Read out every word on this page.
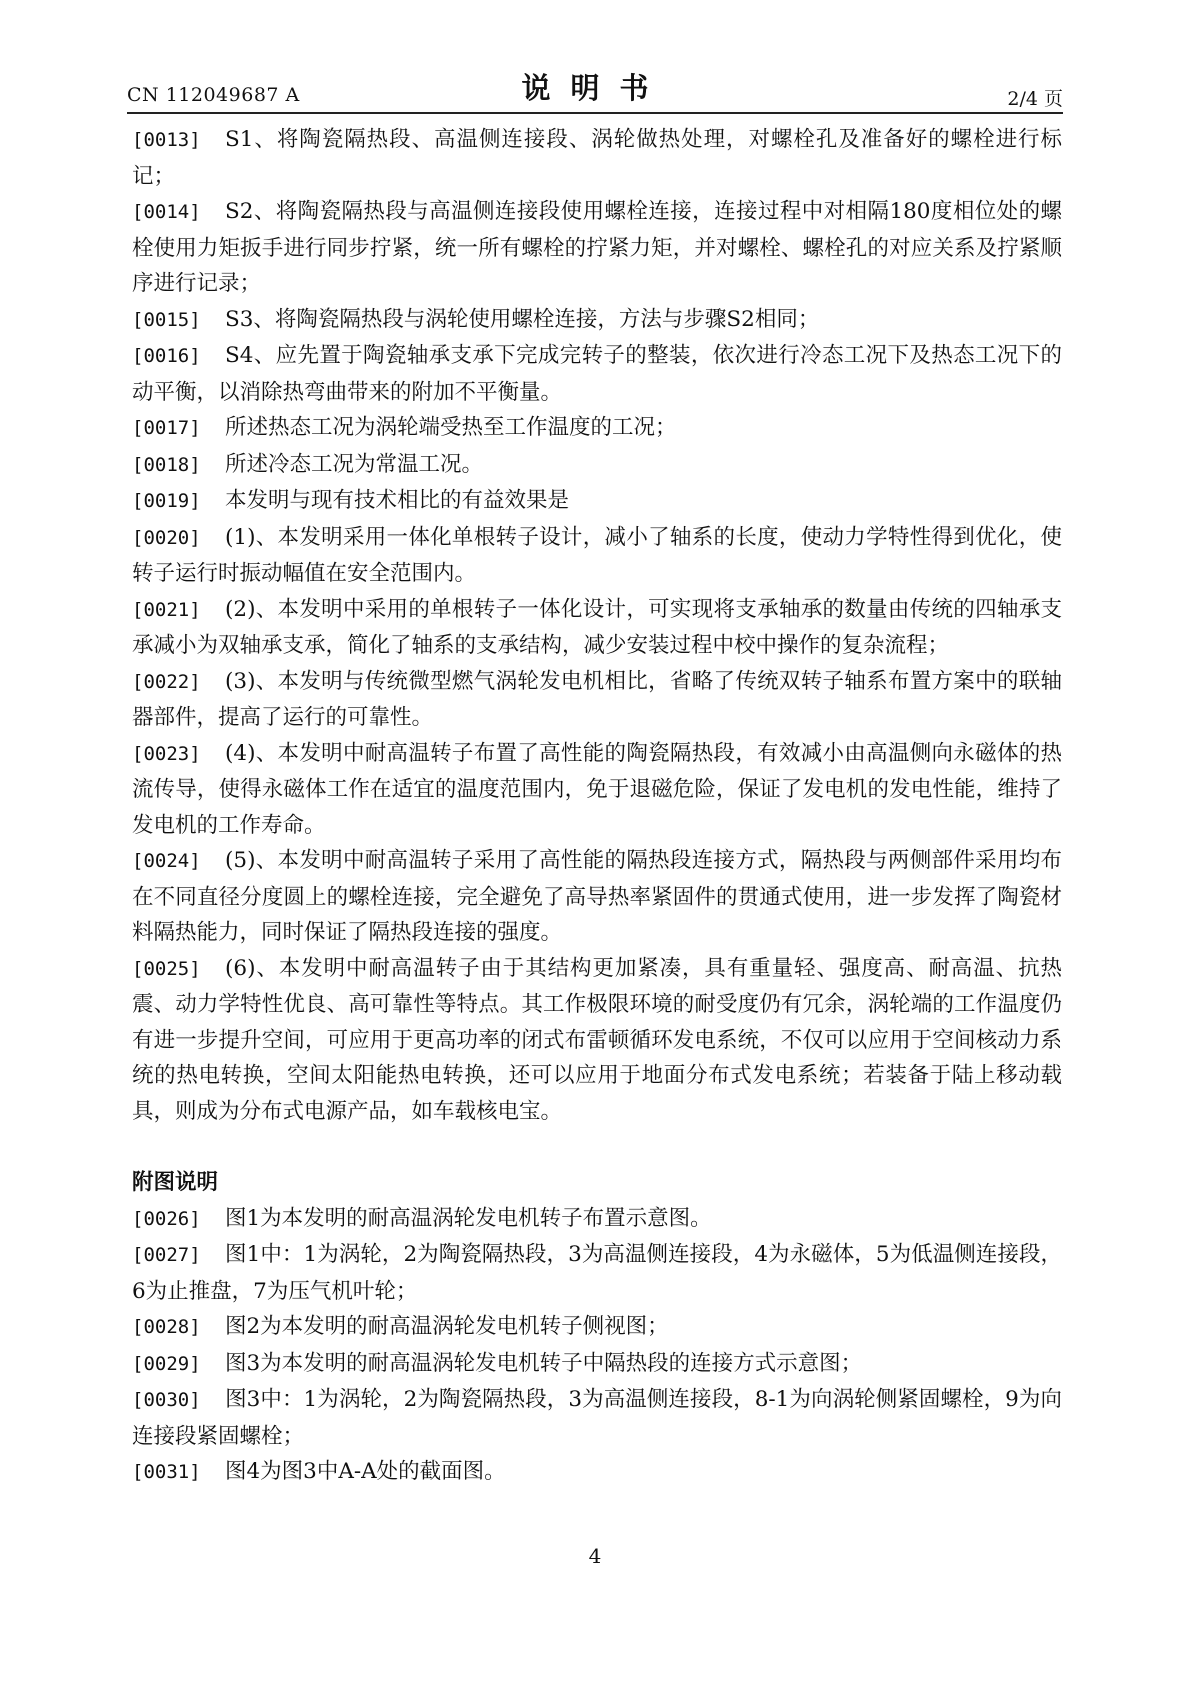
CN 112049687 A	说明书	2/4 页

[0013] S1、将陶瓷隔热段、高温侧连接段、涡轮做热处理，对螺栓孔及准备好的螺栓进行标记；

[0014] S2、将陶瓷隔热段与高温侧连接段使用螺栓连接，连接过程中对相隔180度相位处的螺栓使用力矩扳手进行同步拧紧，统一所有螺栓的拧紧力矩，并对螺栓、螺栓孔的对应关系及拧紧顺序进行记录；

[0015] S3、将陶瓷隔热段与涡轮使用螺栓连接，方法与步骤S2相同；

[0016] S4、应先置于陶瓷轴承支承下完成完转子的整装，依次进行冷态工况下及热态工况下的动平衡，以消除热弯曲带来的附加不平衡量。

[0017] 所述热态工况为涡轮端受热至工作温度的工况；

[0018] 所述冷态工况为常温工况。

[0019] 本发明与现有技术相比的有益效果是

[0020] (1)、本发明采用一体化单根转子设计，减小了轴系的长度，使动力学特性得到优化，使转子运行时振动幅值在安全范围内。

[0021] (2)、本发明中采用的单根转子一体化设计，可实现将支承轴承的数量由传统的四轴承支承减小为双轴承支承，简化了轴系的支承结构，减少安装过程中校中操作的复杂流程；

[0022] (3)、本发明与传统微型燃气涡轮发电机相比，省略了传统双转子轴系布置方案中的联轴器部件，提高了运行的可靠性。

[0023] (4)、本发明中耐高温转子布置了高性能的陶瓷隔热段，有效减小由高温侧向永磁体的热流传导，使得永磁体工作在适宜的温度范围内，免于退磁危险，保证了发电机的发电性能，维持了发电机的工作寿命。

[0024] (5)、本发明中耐高温转子采用了高性能的隔热段连接方式，隔热段与两侧部件采用均布在不同直径分度圆上的螺栓连接，完全避免了高导热率紧固件的贯通式使用，进一步发挥了陶瓷材料隔热能力，同时保证了隔热段连接的强度。

[0025] (6)、本发明中耐高温转子由于其结构更加紧凑，具有重量轻、强度高、耐高温、抗热震、动力学特性优良、高可靠性等特点。其工作极限环境的耐受度仍有冗余，涡轮端的工作温度仍有进一步提升空间，可应用于更高功率的闭式布雷顿循环发电系统，不仅可以应用于空间核动力系统的热电转换，空间太阳能热电转换，还可以应用于地面分布式发电系统；若装备于陆上移动载具，则成为分布式电源产品，如车载核电宝。

附图说明

[0026] 图1为本发明的耐高温涡轮发电机转子布置示意图。

[0027] 图1中：1为涡轮，2为陶瓷隔热段，3为高温侧连接段，4为永磁体，5为低温侧连接段，6为止推盘，7为压气机叶轮；

[0028] 图2为本发明的耐高温涡轮发电机转子侧视图；

[0029] 图3为本发明的耐高温涡轮发电机转子中隔热段的连接方式示意图；

[0030] 图3中：1为涡轮，2为陶瓷隔热段，3为高温侧连接段，8-1为向涡轮侧紧固螺栓，9为向连接段紧固螺栓；

[0031] 图4为图3中A-A处的截面图。

4
